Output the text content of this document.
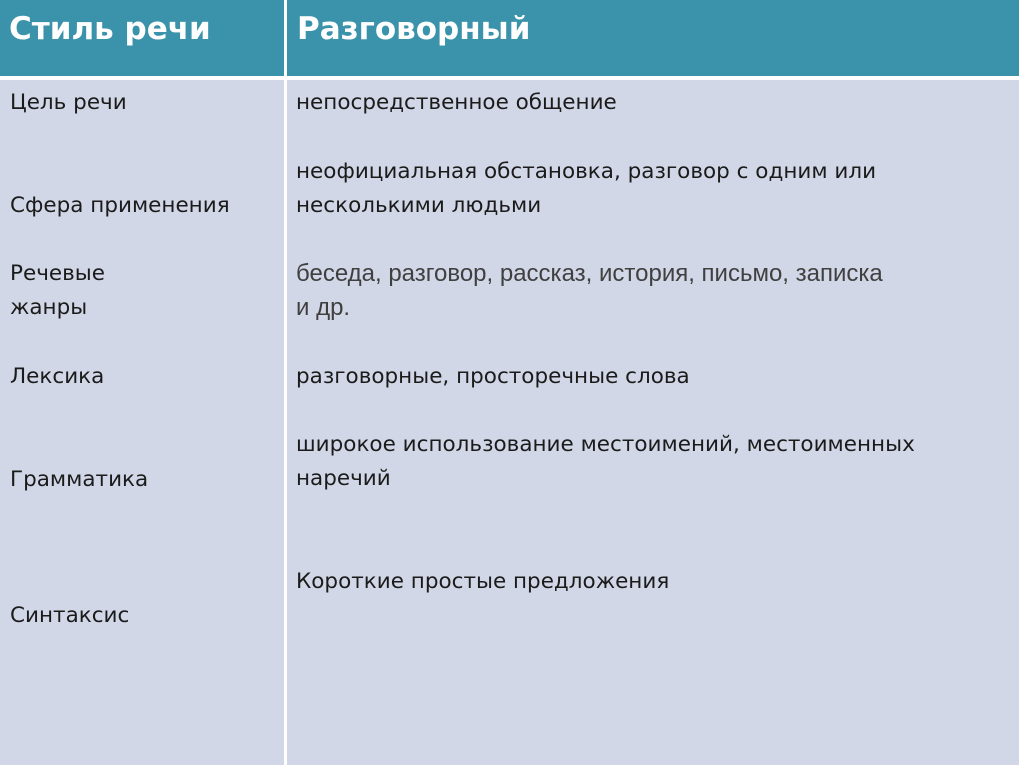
Стиль речи	Разговорный
Цель речи
Сфера применения
Речевые
жанры
Лексика
Грамматика
Синтаксис
непосредственное общение
неофициальная обстановка, разговор с одним или
несколькими людьми
беседа, разговор, рассказ, история, письмо, записка
и др.
разговорные, просторечные слова
широкое использование местоимений, местоименных
наречий
Короткие простые предложения
